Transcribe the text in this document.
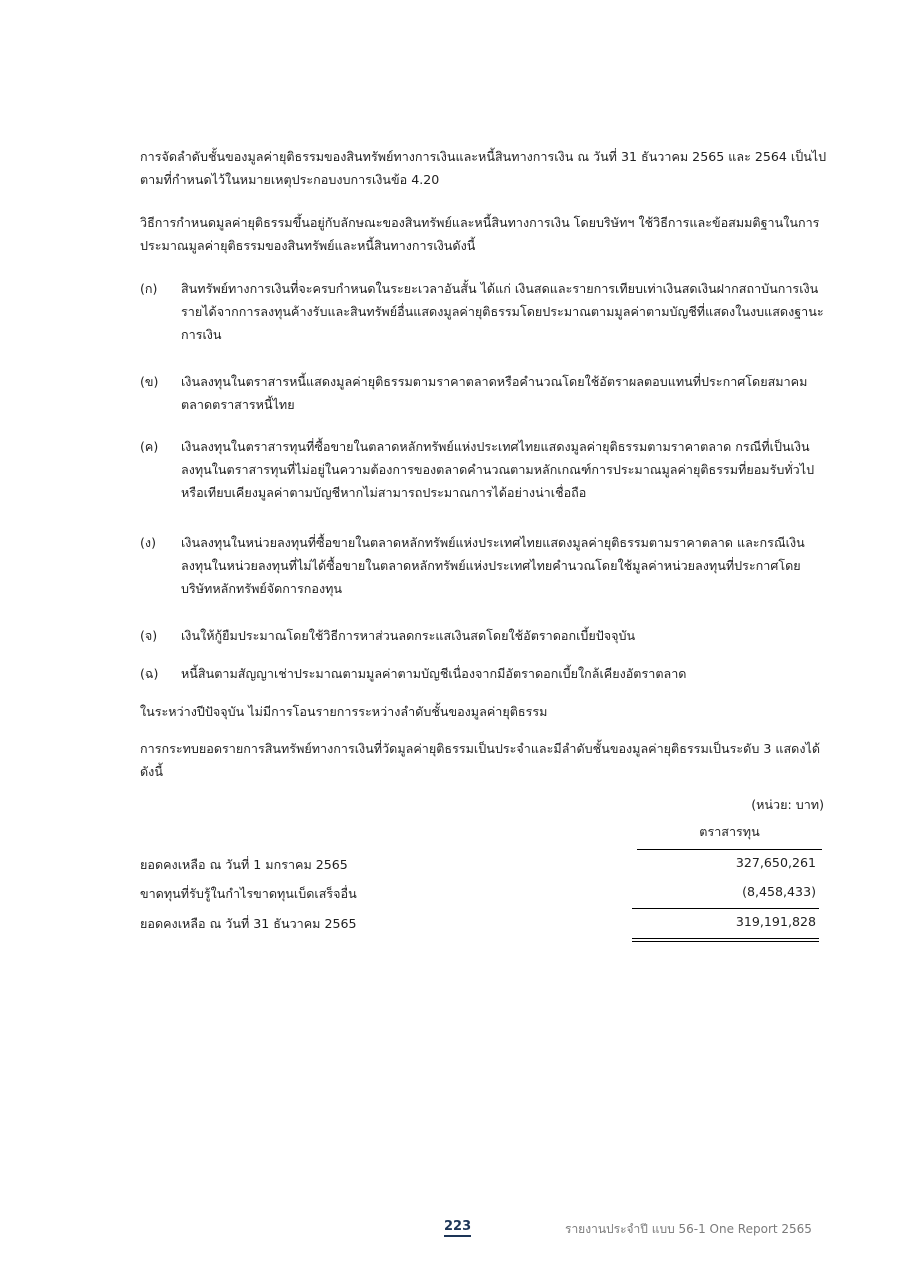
การจัดลำดับชั้นของมูลค่ายุติธรรมของสินทรัพย์ทางการเงินและหนี้สินทางการเงิน ณ วันที่ 31 ธันวาคม 2565 และ 2564 เป็นไปตามที่กำหนดไว้ในหมายเหตุประกอบงบการเงินข้อ 4.20

วิธีการกำหนดมูลค่ายุติธรรมขึ้นอยู่กับลักษณะของสินทรัพย์และหนี้สินทางการเงิน โดยบริษัทฯ ใช้วิธีการและข้อสมมติฐานในการประมาณมูลค่ายุติธรรมของสินทรัพย์และหนี้สินทางการเงินดังนี้

(ก)	สินทรัพย์ทางการเงินที่จะครบกำหนดในระยะเวลาอันสั้น ได้แก่ เงินสดและรายการเทียบเท่าเงินสดเงินฝากสถาบันการเงิน รายได้จากการลงทุนค้างรับและสินทรัพย์อื่นแสดงมูลค่ายุติธรรมโดยประมาณตามมูลค่าตามบัญชีที่แสดงในงบแสดงฐานะการเงิน
(ข)	เงินลงทุนในตราสารหนี้แสดงมูลค่ายุติธรรมตามราคาตลาดหรือคำนวณโดยใช้อัตราผลตอบแทนที่ประกาศโดยสมาคมตลาดตราสารหนี้ไทย
(ค)	เงินลงทุนในตราสารทุนที่ซื้อขายในตลาดหลักทรัพย์แห่งประเทศไทยแสดงมูลค่ายุติธรรมตามราคาตลาด กรณีที่เป็นเงินลงทุนในตราสารทุนที่ไม่อยู่ในความต้องการของตลาดคำนวณตามหลักเกณฑ์การประมาณมูลค่ายุติธรรมที่ยอมรับทั่วไปหรือเทียบเคียงมูลค่าตามบัญชีหากไม่สามารถประมาณการได้อย่างน่าเชื่อถือ
(ง)	เงินลงทุนในหน่วยลงทุนที่ซื้อขายในตลาดหลักทรัพย์แห่งประเทศไทยแสดงมูลค่ายุติธรรมตามราคาตลาด และกรณีเงินลงทุนในหน่วยลงทุนที่ไม่ได้ซื้อขายในตลาดหลักทรัพย์แห่งประเทศไทยคำนวณโดยใช้มูลค่าหน่วยลงทุนที่ประกาศโดยบริษัทหลักทรัพย์จัดการกองทุน
(จ)	เงินให้กู้ยืมประมาณโดยใช้วิธีการหาส่วนลดกระแสเงินสดโดยใช้อัตราดอกเบี้ยปัจจุบัน
(ฉ)	หนี้สินตามสัญญาเช่าประมาณตามมูลค่าตามบัญชีเนื่องจากมีอัตราดอกเบี้ยใกล้เคียงอัตราตลาด

ในระหว่างปีปัจจุบัน ไม่มีการโอนรายการระหว่างลำดับชั้นของมูลค่ายุติธรรม

การกระทบยอดรายการสินทรัพย์ทางการเงินที่วัดมูลค่ายุติธรรมเป็นประจำและมีลำดับชั้นของมูลค่ายุติธรรมเป็นระดับ 3 แสดงได้ดังนี้

(หน่วย: บาท)
ตราสารทุน
ยอดคงเหลือ ณ วันที่ 1 มกราคม 2565	327,650,261
ขาดทุนที่รับรู้ในกำไรขาดทุนเบ็ดเสร็จอื่น	(8,458,433)
ยอดคงเหลือ ณ วันที่ 31 ธันวาคม 2565	319,191,828
223	รายงานประจำปี แบบ 56-1 One Report 2565
